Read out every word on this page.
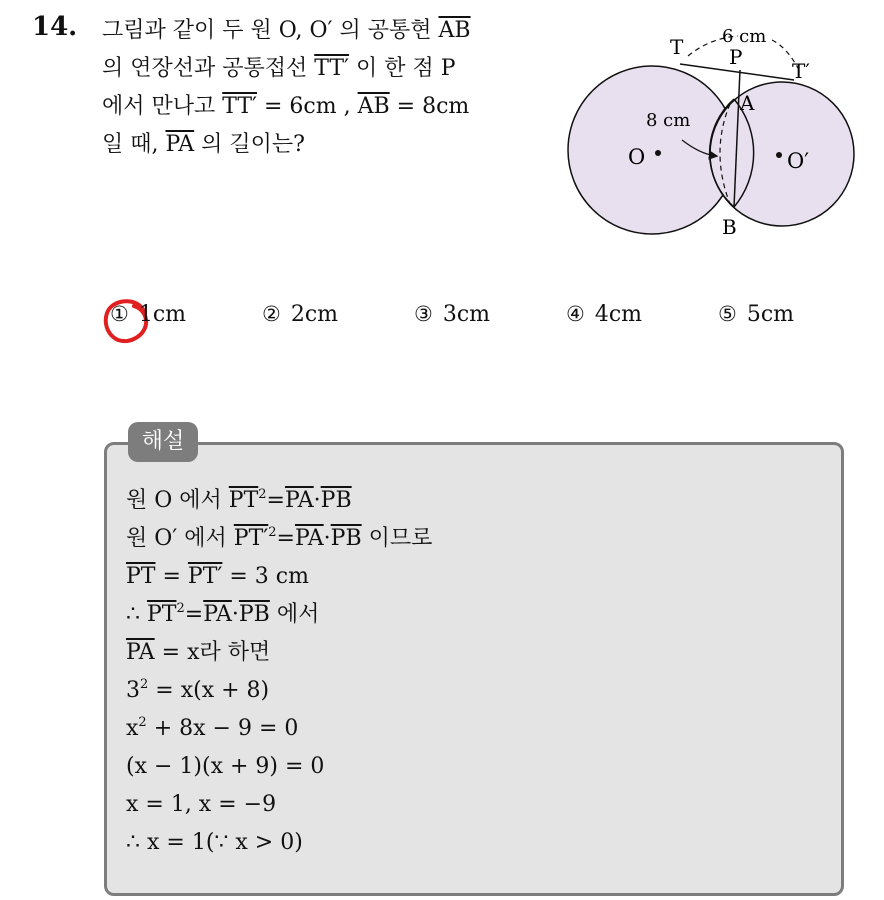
14. 그림과 같이 두 원 O, O′ 의 공통현 $\overline{AB}$
의 연장선과 공통접선 TT′ 이 한 점 P
에서 만나고 TT′ = 6cm , $\overline{AB} = 8cm$
일 때, $\overline{PA}$ 의 길이는?
T P
T′
A
B
O	O′
6 cm
8 cm
① 1cm	② 2cm	③ 3cm	④ 4cm	⑤ 5cm
해설
원 O 에서 $\overline{PT}^2=\overline{PA}\cdot\overline{PB}$
원 O′ 에서 $PT'^2=\overline{PA}\cdot\overline{PB}$ 이므로
$\overline{PT} = PT' = 3$ cm
∴ $\overline{PT}^2=\overline{PA}\cdot\overline{PB}$ 에서
$\overline{PA} = x$라 하면
$3^2 = x(x + 8)$
$x^2 + 8x - 9 = 0$
(x − 1)(x + 9) = 0
x = 1, x = −9
∴ x = 1(∵ x > 0)
